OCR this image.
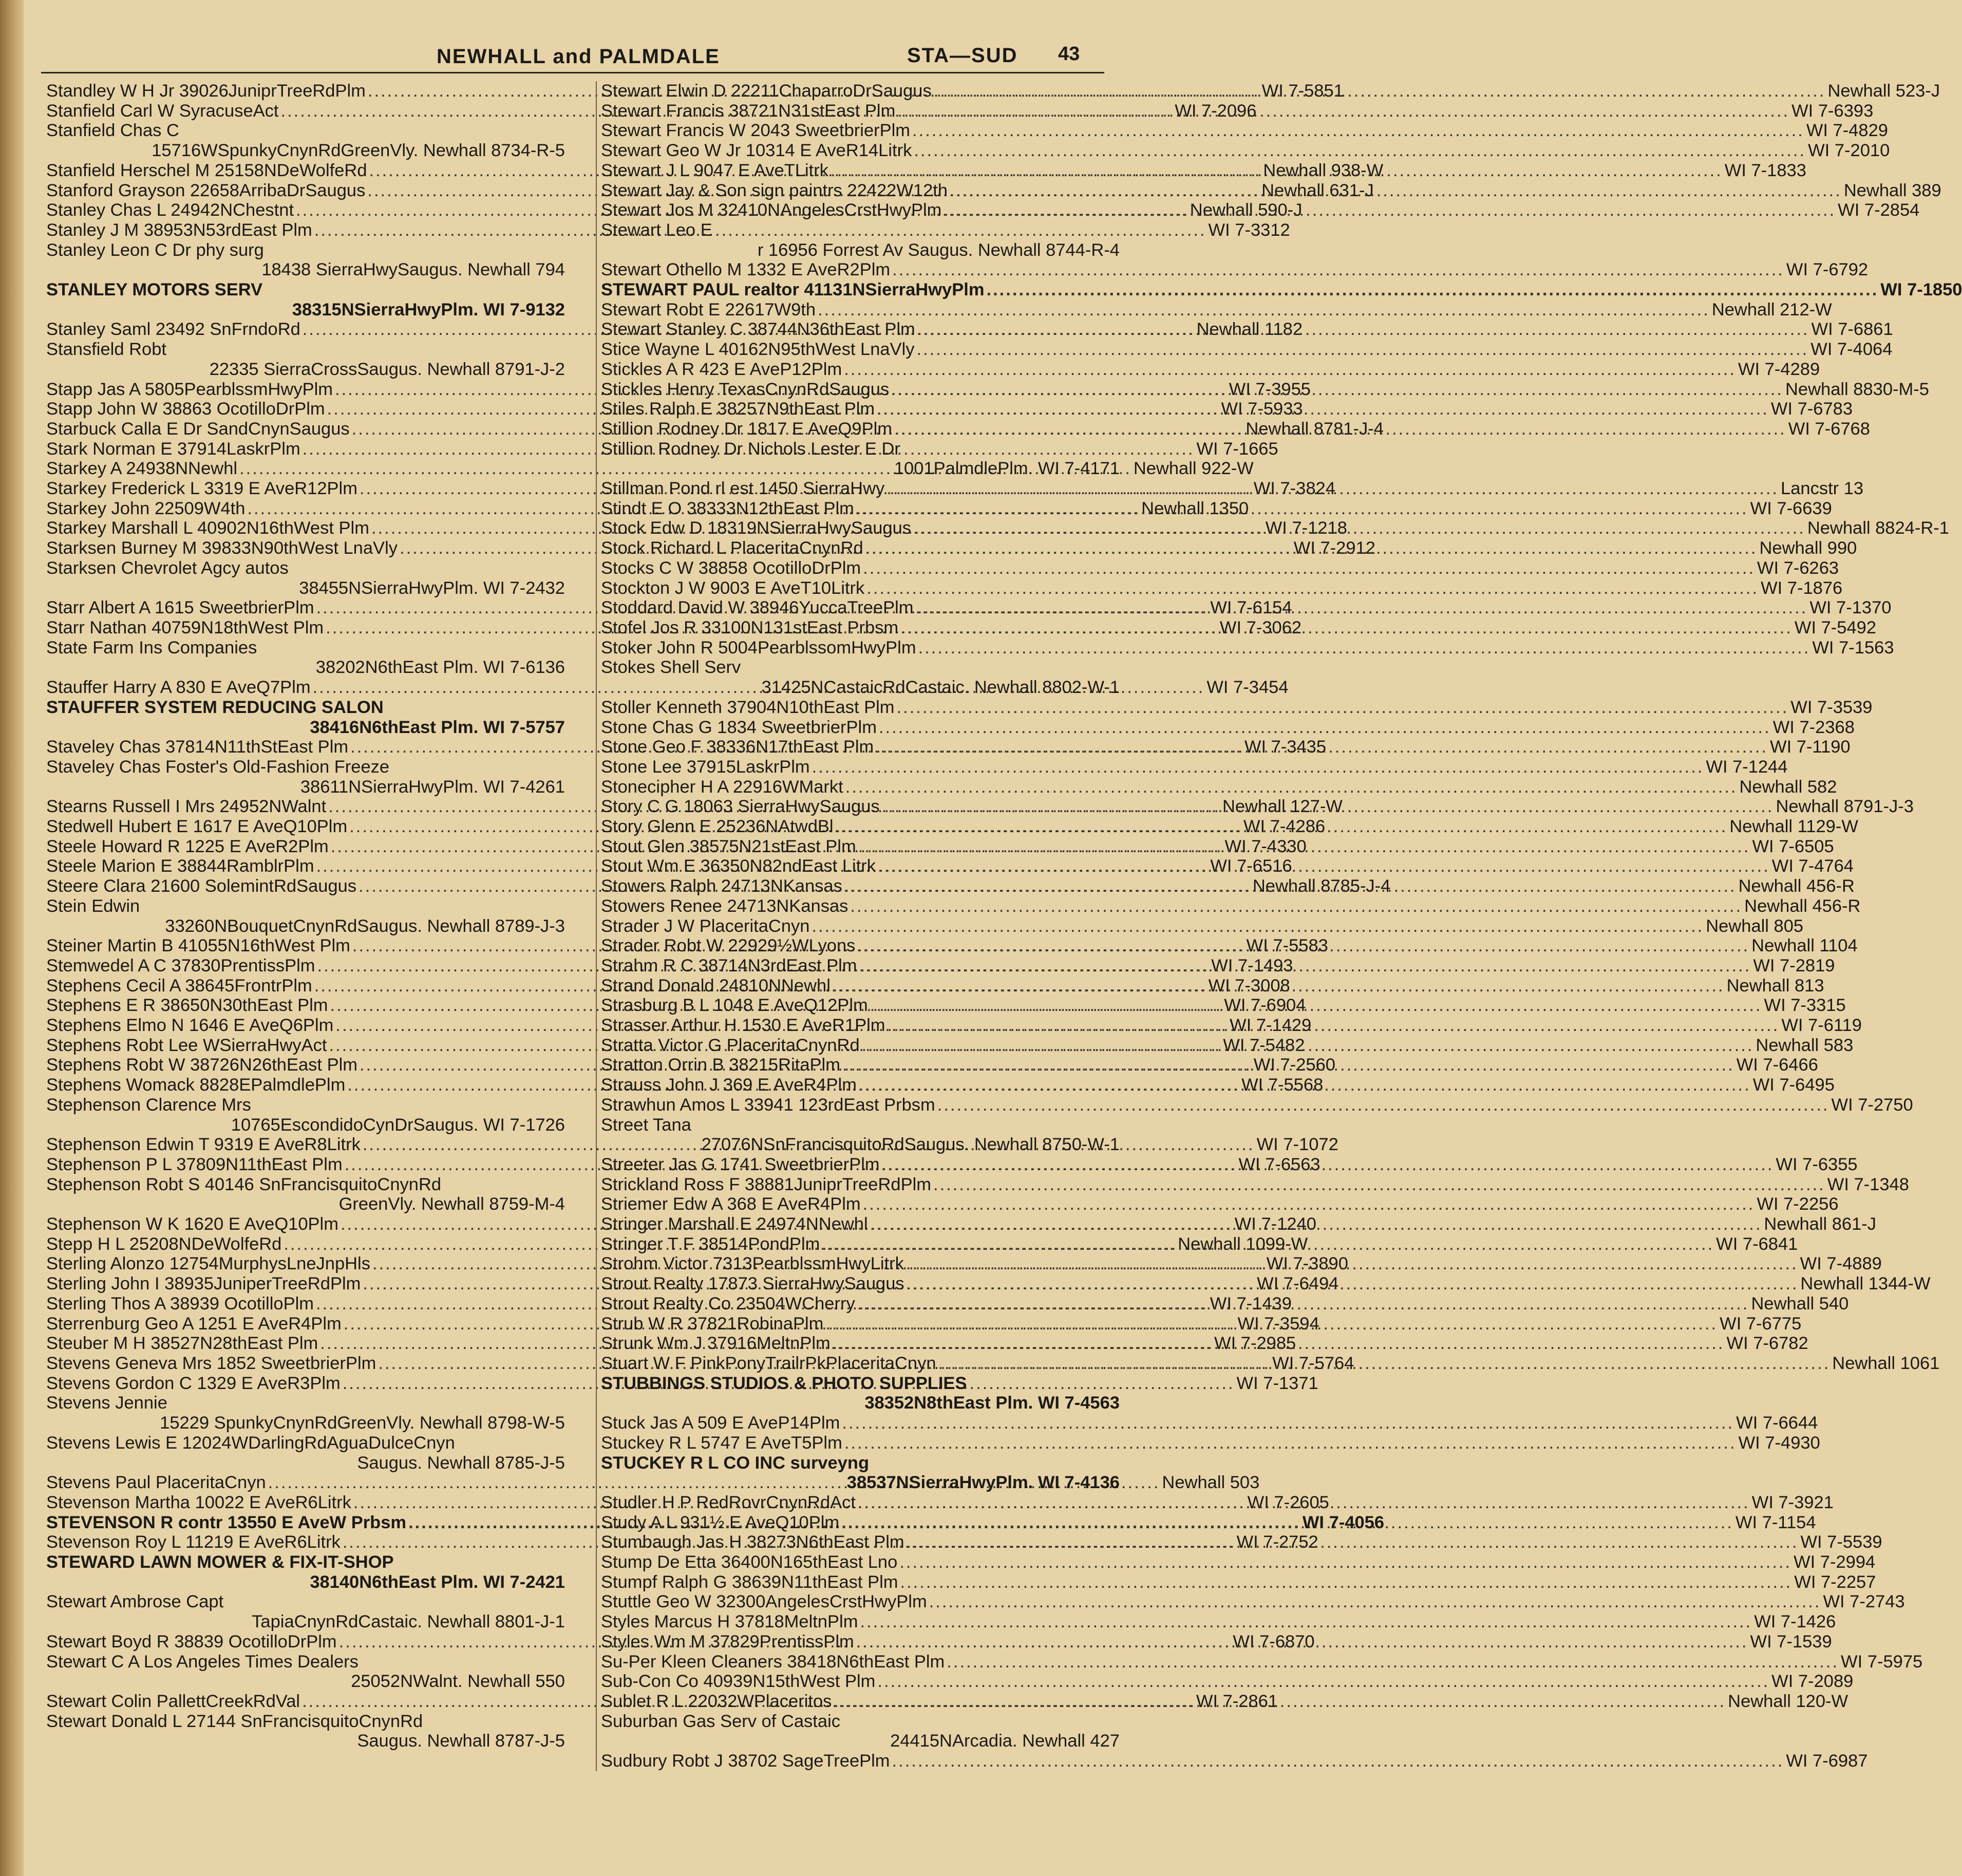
NEWHALL and PALMDALE	STA—SUD 43
Standley W H Jr 39026JuniprTreeRdPlm .....	WI 7-5851
Stanfield Carl W SyracuseAct .....	WI 7-2096
Stanfield Chas C
15716WSpunkyCnynRdGreenVly. Newhall 8734-R-5
Stanfield Herschel M 25158NDeWolfeRd .....	Newhall 938-W
Stanford Grayson 22658ArribaDrSaugus .....	Newhall 631-J
Stanley Chas L 24942NChestnt .....	Newhall 590-J
Stanley J M 38953N53rdEast Plm .....	WI 7-3312
Stanley Leon C Dr phy surg
18438 SierraHwySaugus. Newhall 794
STANLEY MOTORS SERV
38315NSierraHwyPlm. WI 7-9132
Stanley Saml 23492 SnFrndoRd .....	Newhall 1182
Stansfield Robt
22335 SierraCrossSaugus. Newhall 8791-J-2
Stapp Jas A 5805PearblssmHwyPlm .....	WI 7-3955
Stapp John W 38863 OcotilloDrPlm .....	WI 7-5933
Starbuck Calla E Dr SandCnynSaugus .....	Newhall 8781-J-4
Stark Norman E 37914LaskrPlm .....	WI 7-1665
Starkey A 24938NNewhl .....	Newhall 922-W
Starkey Frederick L 3319 E AveR12Plm .....	WI 7-3824
Starkey John 22509W4th .....	Newhall 1350
Starkey Marshall L 40902N16thWest Plm .....	WI 7-1218
Starksen Burney M 39833N90thWest LnaVly .....	WI 7-2912
Starksen Chevrolet Agcy autos
38455NSierraHwyPlm. WI 7-2432
Starr Albert A 1615 SweetbrierPlm .....	WI 7-6154
Starr Nathan 40759N18thWest Plm .....	WI 7-3062
State Farm Ins Companies
38202N6thEast Plm. WI 7-6136
Stauffer Harry A 830 E AveQ7Plm .....	WI 7-3454
STAUFFER SYSTEM REDUCING SALON
38416N6thEast Plm. WI 7-5757
Staveley Chas 37814N11thStEast Plm .....	WI 7-3435
Staveley Chas Foster's Old-Fashion Freeze
38611NSierraHwyPlm. WI 7-4261
Stearns Russell I Mrs 24952NWalnt .....	Newhall 127-W
Stedwell Hubert E 1617 E AveQ10Plm .....	WI 7-4286
Steele Howard R 1225 E AveR2Plm .....	WI 7-4330
Steele Marion E 38844RamblrPlm .....	WI 7-6516
Steere Clara 21600 SolemintRdSaugus .....	Newhall 8785-J-4
Stein Edwin
33260NBouquetCnynRdSaugus. Newhall 8789-J-3
Steiner Martin B 41055N16thWest Plm .....	WI 7-5583
Stemwedel A C 37830PrentissPlm .....	WI 7-1493
Stephens Cecil A 38645FrontrPlm .....	WI 7-3008
Stephens E R 38650N30thEast Plm .....	WI 7-6904
Stephens Elmo N 1646 E AveQ6Plm .....	WI 7-1429
Stephens Robt Lee WSierraHwyAct .....	WI 7-5482
Stephens Robt W 38726N26thEast Plm .....	WI 7-2560
Stephens Womack 8828EPalmdlePlm .....	WI 7-5568
Stephenson Clarence Mrs
10765EscondidoCynDrSaugus. WI 7-1726
Stephenson Edwin T 9319 E AveR8Litrk .....	WI 7-1072
Stephenson P L 37809N11thEast Plm .....	WI 7-6563
Stephenson Robt S 40146 SnFrancisquitoCnynRd
GreenVly. Newhall 8759-M-4
Stephenson W K 1620 E AveQ10Plm .....	WI 7-1240
Stepp H L 25208NDeWolfeRd .....	Newhall 1099-W
Sterling Alonzo 12754MurphysLneJnpHls .....	WI 7-3890
Sterling John I 38935JuniperTreeRdPlm .....	WI 7-6494
Sterling Thos A 38939 OcotilloPlm .....	WI 7-1439
Sterrenburg Geo A 1251 E AveR4Plm .....	WI 7-3594
Steuber M H 38527N28thEast Plm .....	WI 7-2985
Stevens Geneva Mrs 1852 SweetbrierPlm .....	WI 7-5764
Stevens Gordon C 1329 E AveR3Plm .....	WI 7-1371
Stevens Jennie
15229 SpunkyCnynRdGreenVly. Newhall 8798-W-5
Stevens Lewis E 12024WDarlingRdAguaDulceCnyn
Saugus. Newhall 8785-J-5
Stevens Paul PlaceritaCnyn .....	Newhall 503
Stevenson Martha 10022 E AveR6Litrk .....	WI 7-2605
STEVENSON R contr 13550 E AveW Prbsm .....	WI 7-4056
Stevenson Roy L 11219 E AveR6Litrk .....	WI 7-2752
STEWARD LAWN MOWER & FIX-IT-SHOP
38140N6thEast Plm. WI 7-2421
Stewart Ambrose Capt
TapiaCnynRdCastaic. Newhall 8801-J-1
Stewart Boyd R 38839 OcotilloDrPlm .....	WI 7-6870
Stewart C A Los Angeles Times Dealers
25052NWalnt. Newhall 550
Stewart Colin PallettCreekRdVal .....	WI 7-2861
Stewart Donald L 27144 SnFrancisquitoCnynRd
Saugus. Newhall 8787-J-5
Stewart Elwin D 22211ChaparroDrSaugus .....	Newhall 523-J
Stewart Francis 38721N31stEast Plm .....	WI 7-6393
Stewart Francis W 2043 SweetbrierPlm .....	WI 7-4829
Stewart Geo W Jr 10314 E AveR14Litrk .....	WI 7-2010
Stewart J L 9047 E AveTLitrk .....	WI 7-1833
Stewart Jay & Son sign paintrs 22422W12th .....	Newhall 389
Stewart Jos M 32410NAngelesCrstHwyPlm .....	WI 7-2854
Stewart Leo E
r 16956 Forrest Av Saugus. Newhall 8744-R-4
Stewart Othello M 1332 E AveR2Plm .....	WI 7-6792
STEWART PAUL realtor 41131NSierraHwyPlm .....	WI 7-1850
Stewart Robt E 22617W9th .....	Newhall 212-W
Stewart Stanley C 38744N36thEast Plm .....	WI 7-6861
Stice Wayne L 40162N95thWest LnaVly .....	WI 7-4064
Stickles A R 423 E AveP12Plm .....	WI 7-4289
Stickles Henry TexasCnynRdSaugus .....	Newhall 8830-M-5
Stiles Ralph E 38257N9thEast Plm .....	WI 7-6783
Stillion Rodney Dr 1817 E AveQ9Plm .....	WI 7-6768
Stillion Rodney Dr Nichols Lester E Dr
1001PalmdlePlm. WI 7-4171
Stillman Pond rl est 1450 SierraHwy .....	Lancstr 13
Stindt E O 38333N12thEast Plm .....	WI 7-6639
Stock Edw D 18319NSierraHwySaugus .....	Newhall 8824-R-1
Stock Richard L PlaceritaCnynRd .....	Newhall 990
Stocks C W 38858 OcotilloDrPlm .....	WI 7-6263
Stockton J W 9003 E AveT10Litrk .....	WI 7-1876
Stoddard David W 38946YuccaTreePlm .....	WI 7-1370
Stofel Jos R 33100N131stEast Prbsm .....	WI 7-5492
Stoker John R 5004PearblssomHwyPlm .....	WI 7-1563
Stokes Shell Serv
31425NCastaicRdCastaic. Newhall 8802-W-1
Stoller Kenneth 37904N10thEast Plm .....	WI 7-3539
Stone Chas G 1834 SweetbrierPlm .....	WI 7-2368
Stone Geo F 38336N17thEast Plm .....	WI 7-1190
Stone Lee 37915LaskrPlm .....	WI 7-1244
Stonecipher H A 22916WMarkt .....	Newhall 582
Story C G 18063 SierraHwySaugus .....	Newhall 8791-J-3
Story Glenn E 25236NAtwdBl .....	Newhall 1129-W
Stout Glen 38575N21stEast Plm .....	WI 7-6505
Stout Wm E 36350N82ndEast Litrk .....	WI 7-4764
Stowers Ralph 24713NKansas .....	Newhall 456-R
Stowers Renee 24713NKansas .....	Newhall 456-R
Strader J W PlaceritaCnyn .....	Newhall 805
Strader Robt W 22929½WLyons .....	Newhall 1104
Strahm R C 38714N3rdEast Plm .....	WI 7-2819
Strand Donald 24810NNewhl .....	Newhall 813
Strasburg B L 1048 E AveQ12Plm .....	WI 7-3315
Strasser Arthur H 1530 E AveR1Plm .....	WI 7-6119
Stratta Victor G PlaceritaCnynRd .....	Newhall 583
Stratton Orrin B 38215RitaPlm .....	WI 7-6466
Strauss John J 369 E AveR4Plm .....	WI 7-6495
Strawhun Amos L 33941 123rdEast Prbsm .....	WI 7-2750
Street Tana
27076NSnFrancisquitoRdSaugus. Newhall 8750-W-1
Streeter Jas G 1741 SweetbrierPlm .....	WI 7-6355
Strickland Ross F 38881JuniprTreeRdPlm .....	WI 7-1348
Striemer Edw A 368 E AveR4Plm .....	WI 7-2256
Stringer Marshall E 24974NNewhl .....	Newhall 861-J
Stringer T F 38514PondPlm .....	WI 7-6841
Strohm Victor 7313PearblssmHwyLitrk .....	WI 7-4889
Strout Realty 17873 SierraHwySaugus .....	Newhall 1344-W
Strout Realty Co 23504WCherry .....	Newhall 540
Strub W R 37821RobinaPlm .....	WI 7-6775
Strunk Wm J 37916MeltnPlm .....	WI 7-6782
Stuart W F PinkPonyTrailrPkPlaceritaCnyn .....	Newhall 1061
STUBBINGS STUDIOS & PHOTO SUPPLIES
38352N8thEast Plm. WI 7-4563
Stuck Jas A 509 E AveP14Plm .....	WI 7-6644
Stuckey R L 5747 E AveT5Plm .....	WI 7-4930
STUCKEY R L CO INC surveyng
38537NSierraHwyPlm. WI 7-4136
Studler H P RedRovrCnynRdAct .....	WI 7-3921
Study A L 931½ E AveQ10Plm .....	WI 7-1154
Stumbaugh Jas H 38273N6thEast Plm .....	WI 7-5539
Stump De Etta 36400N165thEast Lno .....	WI 7-2994
Stumpf Ralph G 38639N11thEast Plm .....	WI 7-2257
Stuttle Geo W 32300AngelesCrstHwyPlm .....	WI 7-2743
Styles Marcus H 37818MeltnPlm .....	WI 7-1426
Styles Wm M 37829PrentissPlm .....	WI 7-1539
Su-Per Kleen Cleaners 38418N6thEast Plm .....	WI 7-5975
Sub-Con Co 40939N15thWest Plm .....	WI 7-2089
Sublet R L 22032WPlaceritos .....	Newhall 120-W
Suburban Gas Serv of Castaic
24415NArcadia. Newhall 427
Sudbury Robt J 38702 SageTreePlm .....	WI 7-6987
